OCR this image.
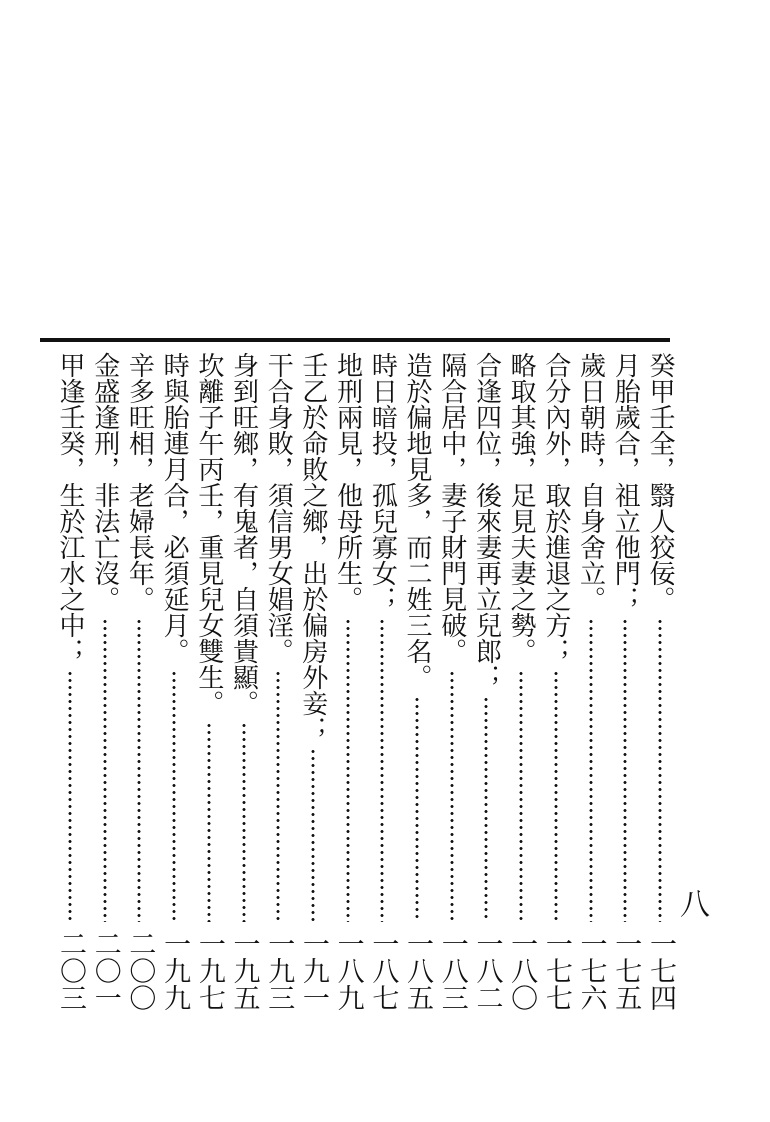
八
癸甲壬全，翳人狡佞。
一七四
月胎歲合，祖立他門；
一七五
歲日朝時，自身舍立。
一七六
合分內外，取於進退之方；
一七七
略取其強，足見夫妻之勢。
一八〇
合逢四位，後來妻再立兒郎；
一八二
隔合居中，妻子財門見破。
一八三
造於偏地見多，而二姓三名。
一八五
時日暗投，孤兒寡女；
一八七
地刑兩見，他母所生。
一八九
壬乙於命敗之鄉，出於偏房外妾；
一九一
干合身敗，須信男女娼淫。
一九三
身到旺鄉，有鬼者，自須貴顯。
一九五
坎離子午丙壬，重見兒女雙生。
一九七
時與胎連月合，必須延月。
一九九
辛多旺相，老婦長年。
二〇〇
金盛逢刑，非法亡沒。
二〇一
甲逢壬癸，生於江水之中；
二〇三
